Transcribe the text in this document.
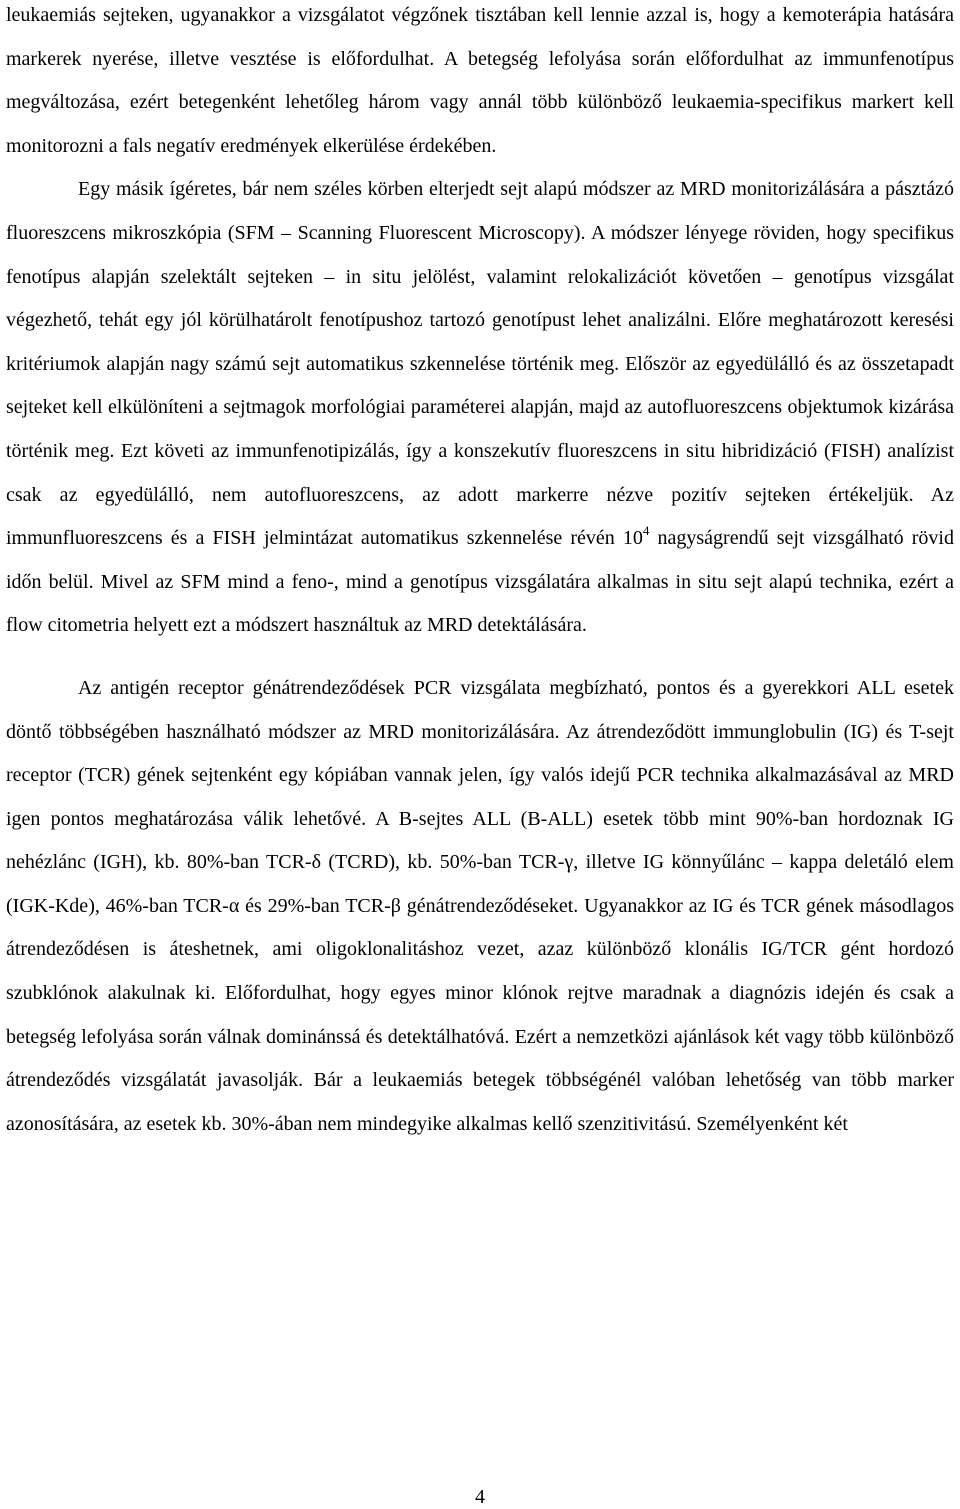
leukaemiás sejteken, ugyanakkor a vizsgálatot végzőnek tisztában kell lennie azzal is, hogy a kemoterápia hatására markerek nyerése, illetve vesztése is előfordulhat. A betegség lefolyása során előfordulhat az immunfenotípus megváltozása, ezért betegenként lehetőleg három vagy annál több különböző leukaemia-specifikus markert kell monitorozni a fals negatív eredmények elkerülése érdekében.

Egy másik ígéretes, bár nem széles körben elterjedt sejt alapú módszer az MRD monitorizálására a pásztázó fluoreszcens mikroszkópia (SFM – Scanning Fluorescent Microscopy). A módszer lényege röviden, hogy specifikus fenotípus alapján szelektált sejteken – in situ jelölést, valamint relokalizációt követően – genotípus vizsgálat végezhető, tehát egy jól körülhatárolt fenotípushoz tartozó genotípust lehet analizálni. Előre meghatározott keresési kritériumok alapján nagy számú sejt automatikus szkennelése történik meg. Először az egyedülálló és az összetapadt sejteket kell elkülöníteni a sejtmagok morfológiai paraméterei alapján, majd az autofluoreszcens objektumok kizárása történik meg. Ezt követi az immunfenotipizálás, így a konszekutív fluoreszcens in situ hibridizáció (FISH) analízist csak az egyedülálló, nem autofluoreszcens, az adott markerre nézve pozitív sejteken értékeljük. Az immunfluoreszcens és a FISH jelmintázat automatikus szkennelése révén $10^4$ nagyságrendű sejt vizsgálható rövid időn belül. Mivel az SFM mind a feno-, mind a genotípus vizsgálatára alkalmas in situ sejt alapú technika, ezért a flow citometria helyett ezt a módszert használtuk az MRD detektálására.

Az antigén receptor génátrendeződések PCR vizsgálata megbízható, pontos és a gyerekkori ALL esetek döntő többségében használható módszer az MRD monitorizálására. Az átrendeződött immunglobulin (IG) és T-sejt receptor (TCR) gének sejtenként egy kópiában vannak jelen, így valós idejű PCR technika alkalmazásával az MRD igen pontos meghatározása válik lehetővé. A B-sejtes ALL (B-ALL) esetek több mint 90%-ban hordoznak IG nehézlánc (IGH), kb. 80%-ban TCR-δ (TCRD), kb. 50%-ban TCR-γ, illetve IG könnyűlánc – kappa deletáló elem (IGK-Kde), 46%-ban TCR-α és 29%-ban TCR-β génátrendeződéseket. Ugyanakkor az IG és TCR gének másodlagos átrendeződésen is áteshetnek, ami oligoklonalitáshoz vezet, azaz különböző klonális IG/TCR gént hordozó szubklónok alakulnak ki. Előfordulhat, hogy egyes minor klónok rejtve maradnak a diagnózis idején és csak a betegség lefolyása során válnak dominánssá és detektálhatóvá. Ezért a nemzetközi ajánlások két vagy több különböző átrendeződés vizsgálatát javasolják. Bár a leukaemiás betegek többségénél valóban lehetőség van több marker azonosítására, az esetek kb. 30%-ában nem mindegyike alkalmas kellő szenzitivitású. Személyenként két

4
